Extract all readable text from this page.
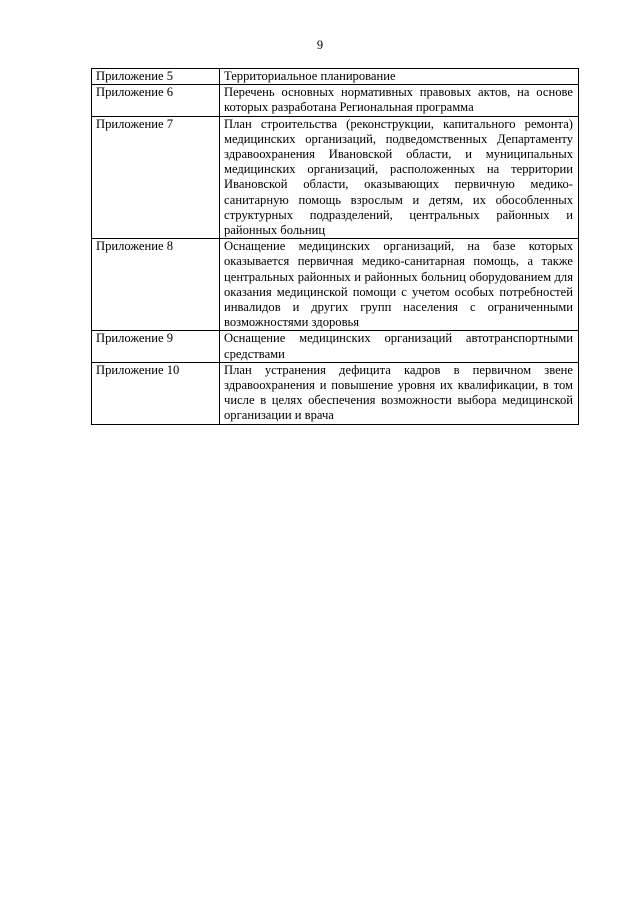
9
Приложение 5	Территориальное планирование
Приложение 6	Перечень основных нормативных правовых актов, на основе которых разработана Региональная программа
Приложение 7	План строительства (реконструкции, капитального ремонта) медицинских организаций, подведомственных Департаменту здравоохранения Ивановской области, и муниципальных медицинских организаций, расположенных на территории Ивановской области, оказывающих первичную медико-санитарную помощь взрослым и детям, их обособленных структурных подразделений, центральных районных и районных больниц
Приложение 8	Оснащение медицинских организаций, на базе которых оказывается первичная медико-санитарная помощь, а также центральных районных и районных больниц оборудованием для оказания медицинской помощи с учетом особых потребностей инвалидов и других групп населения с ограниченными возможностями здоровья
Приложение 9	Оснащение медицинских организаций автотранспортными средствами
Приложение 10	План устранения дефицита кадров в первичном звене здравоохранения и повышение уровня их квалификации, в том числе в целях обеспечения возможности выбора медицинской организации и врача
